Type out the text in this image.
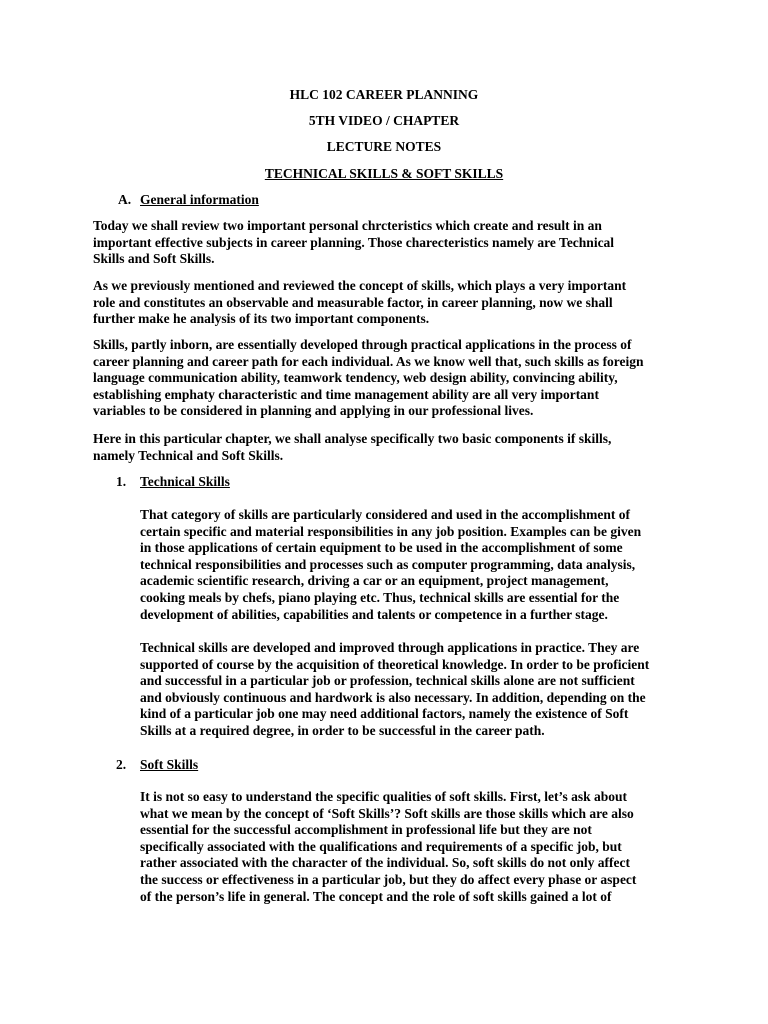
HLC 102 CAREER PLANNING
5TH VIDEO / CHAPTER
LECTURE NOTES
TECHNICAL SKILLS & SOFT SKILLS
A. General information
Today we shall review two important personal chrcteristics which create and result in an
important effective subjects in career planning. Those charecteristics namely are Technical
Skills and Soft Skills.
As we previously mentioned and reviewed the concept of skills, which plays a very important
role and constitutes an observable and measurable factor, in career planning, now we shall
further make he analysis of its two important components.
Skills, partly inborn, are essentially developed through practical applications in the process of
career planning and career path for each individual. As we know well that, such skills as foreign
language communication ability, teamwork tendency, web design ability, convincing ability,
establishing emphaty characteristic and time management ability are all very important
variables to be considered in planning and applying in our professional lives.
Here in this particular chapter, we shall analyse specifically two basic components if skills,
namely Technical and Soft Skills.
1. Technical Skills
That category of skills are particularly considered and used in the accomplishment of
certain specific and material responsibilities in any job position. Examples can be given
in those applications of certain equipment to be used in the accomplishment of some
technical responsibilities and processes such as computer programming, data analysis,
academic scientific research, driving a car or an equipment, project management,
cooking meals by chefs, piano playing etc. Thus, technical skills are essential for the
development of abilities, capabilities and talents or competence in a further stage.
Technical skills are developed and improved through applications in practice. They are
supported of course by the acquisition of theoretical knowledge. In order to be proficient
and successful in a particular job or profession, technical skills alone are not sufficient
and obviously continuous and hardwork is also necessary. In addition, depending on the
kind of a particular job one may need additional factors, namely the existence of Soft
Skills at a required degree, in order to be successful in the career path.
2. Soft Skills
It is not so easy to understand the specific qualities of soft skills. First, let’s ask about
what we mean by the concept of ‘Soft Skills’? Soft skills are those skills which are also
essential for the successful accomplishment in professional life but they are not
specifically associated with the qualifications and requirements of a specific job, but
rather associated with the character of the individual. So, soft skills do not only affect
the success or effectiveness in a particular job, but they do affect every phase or aspect
of the person’s life in general. The concept and the role of soft skills gained a lot of
